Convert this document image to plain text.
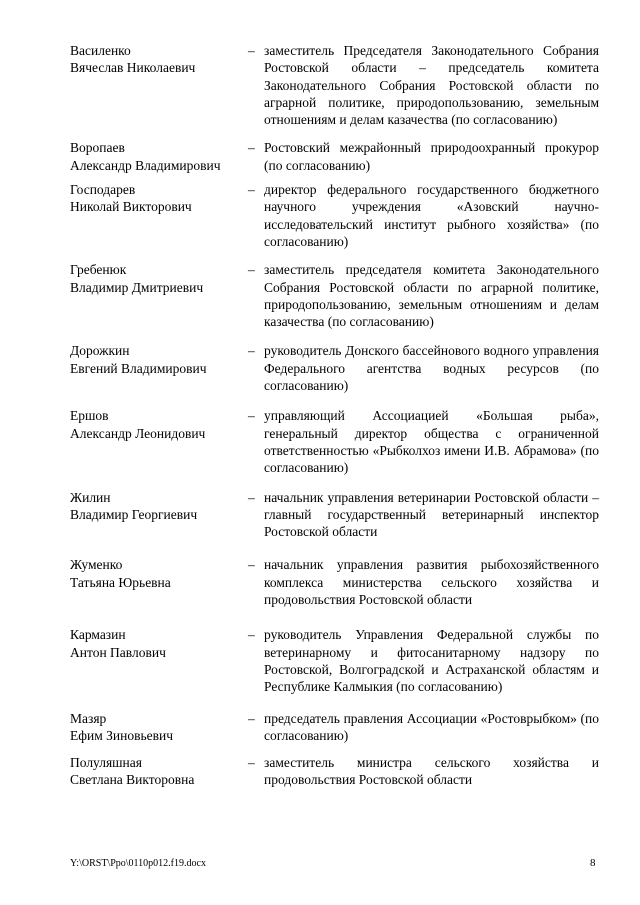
Василенко
Вячеслав Николаевич
– заместитель Председателя Законодательного Собрания Ростовской области – председатель комитета Законодательного Собрания Ростовской области по аграрной политике, природопользованию, земельным отношениям и делам казачества (по согласованию)
Воропаев
Александр Владимирович
– Ростовский межрайонный природоохранный прокурор (по согласованию)
Господарев
Николай Викторович
– директор федерального государственного бюджетного научного учреждения «Азовский научно-исследовательский институт рыбного хозяйства» (по согласованию)
Гребенюк
Владимир Дмитриевич
– заместитель председателя комитета Законодательного Собрания Ростовской области по аграрной политике, природопользованию, земельным отношениям и делам казачества (по согласованию)
Дорожкин
Евгений Владимирович
– руководитель Донского бассейнового водного управления Федерального агентства водных ресурсов (по согласованию)
Ершов
Александр Леонидович
– управляющий Ассоциацией «Большая рыба», генеральный директор общества с ограниченной ответственностью «Рыбколхоз имени И.В. Абрамова» (по согласованию)
Жилин
Владимир Георгиевич
– начальник управления ветеринарии Ростовской области – главный государственный ветеринарный инспектор Ростовской области
Жуменко
Татьяна Юрьевна
– начальник управления развития рыбохозяйственного комплекса министерства сельского хозяйства и продовольствия Ростовской области
Кармазин
Антон Павлович
– руководитель Управления Федеральной службы по ветеринарному и фитосанитарному надзору по Ростовской, Волгоградской и Астраханской областям и Республике Калмыкия (по согласованию)
Мазяр
Ефим Зиновьевич
– председатель правления Ассоциации «Ростоврыбком» (по согласованию)
Полуляшная
Светлана Викторовна
– заместитель министра сельского хозяйства и продовольствия Ростовской области
Y:\ORST\Ppo\0110p012.f19.docx	8
